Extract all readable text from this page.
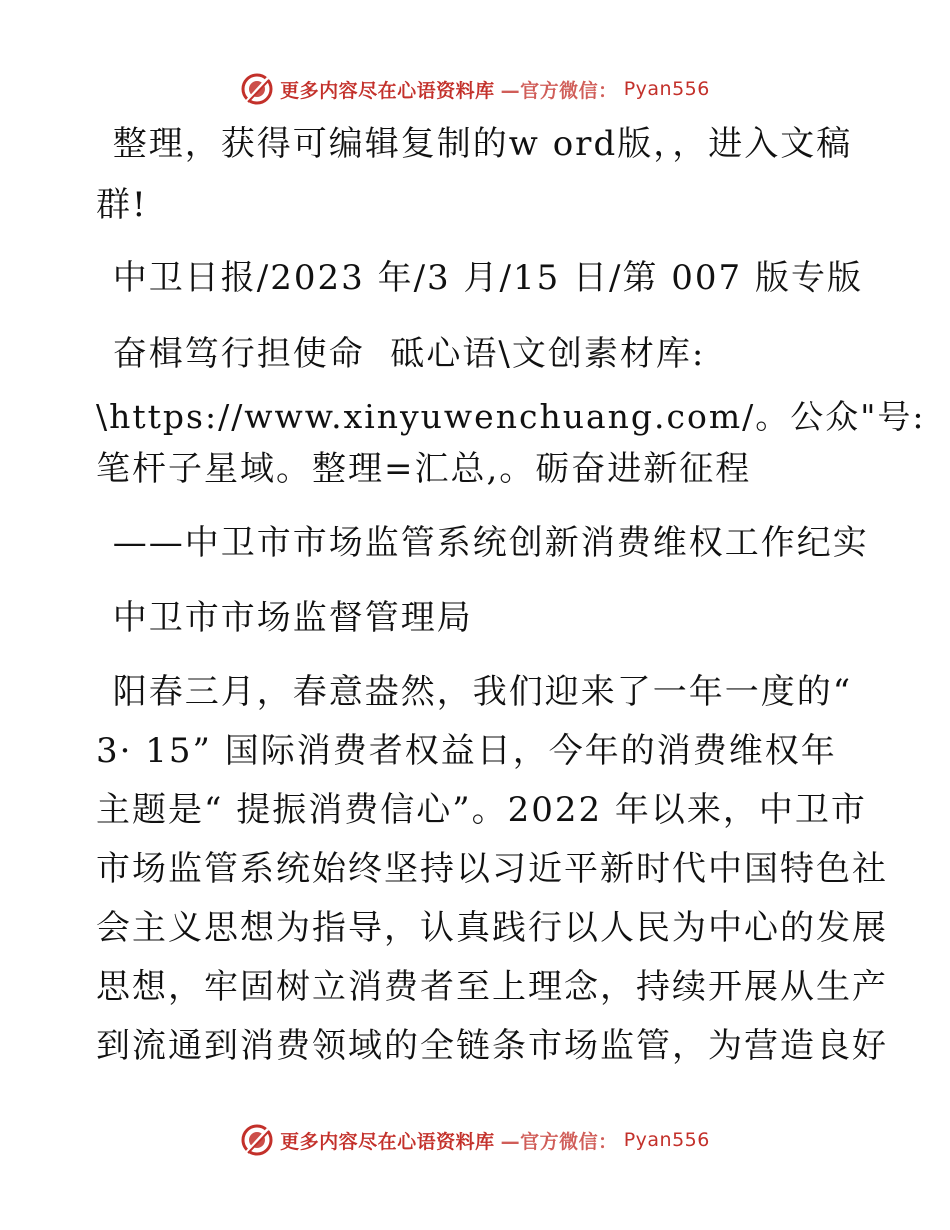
更多内容尽在心语资料库 —官方微信： Pyan556
整理，获得可编辑复制的w ord版，，进入文稿
群!
中卫日报/2023 年/3 月/15 日/第 007 版专版
奋楫笃行担使命  砥心语\文创素材库:
\https://www.xinyuwenchuang.com/。公众"号:
笔杆子星域。整理=汇总,。砺奋进新征程
——中卫市市场监管系统创新消费维权工作纪实
中卫市市场监督管理局
阳春三月，春意盎然，我们迎来了一年一度的“
3· 15” 国际消费者权益日，今年的消费维权年
主题是“ 提振消费信心”。2022 年以来，中卫市
市场监管系统始终坚持以习近平新时代中国特色社
会主义思想为指导，认真践行以人民为中心的发展
思想，牢固树立消费者至上理念，持续开展从生产
到流通到消费领域的全链条市场监管，为营造良好
更多内容尽在心语资料库 —官方微信： Pyan556
